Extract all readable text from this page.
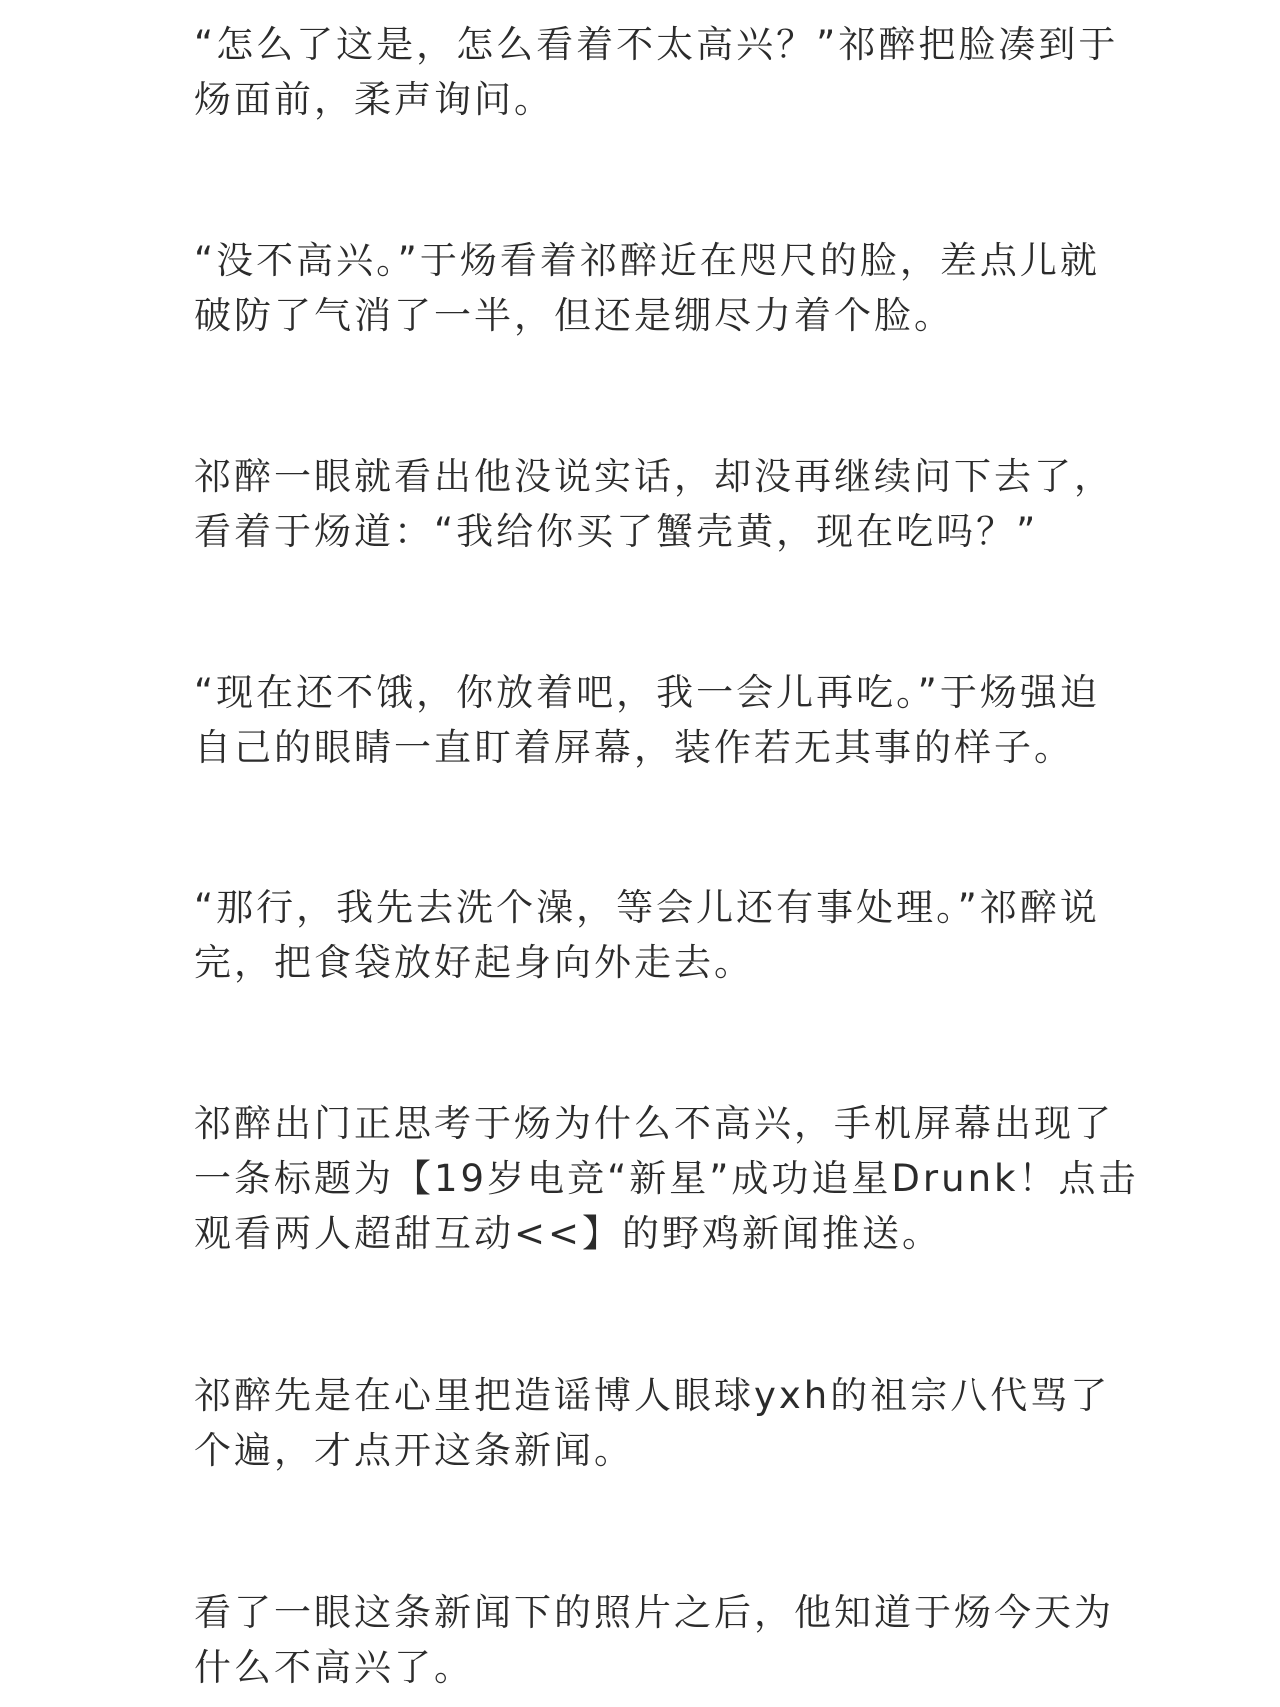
“怎么了这是，怎么看着不太高兴？”祁醉把脸凑到于
炀面前，柔声询问。

“没不高兴。”于炀看着祁醉近在咫尺的脸，差点儿就
破防了气消了一半，但还是绷尽力着个脸。

祁醉一眼就看出他没说实话，却没再继续问下去了，
看着于炀道：“我给你买了蟹壳黄，现在吃吗？”

“现在还不饿，你放着吧，我一会儿再吃。”于炀强迫
自己的眼睛一直盯着屏幕，装作若无其事的样子。

“那行，我先去洗个澡，等会儿还有事处理。”祁醉说
完，把食袋放好起身向外走去。

祁醉出门正思考于炀为什么不高兴，手机屏幕出现了
一条标题为【19岁电竞“新星”成功追星Drunk！点击
观看两人超甜互动<<】的野鸡新闻推送。

祁醉先是在心里把造谣博人眼球yxh的祖宗八代骂了
个遍，才点开这条新闻。

看了一眼这条新闻下的照片之后，他知道于炀今天为
什么不高兴了。
